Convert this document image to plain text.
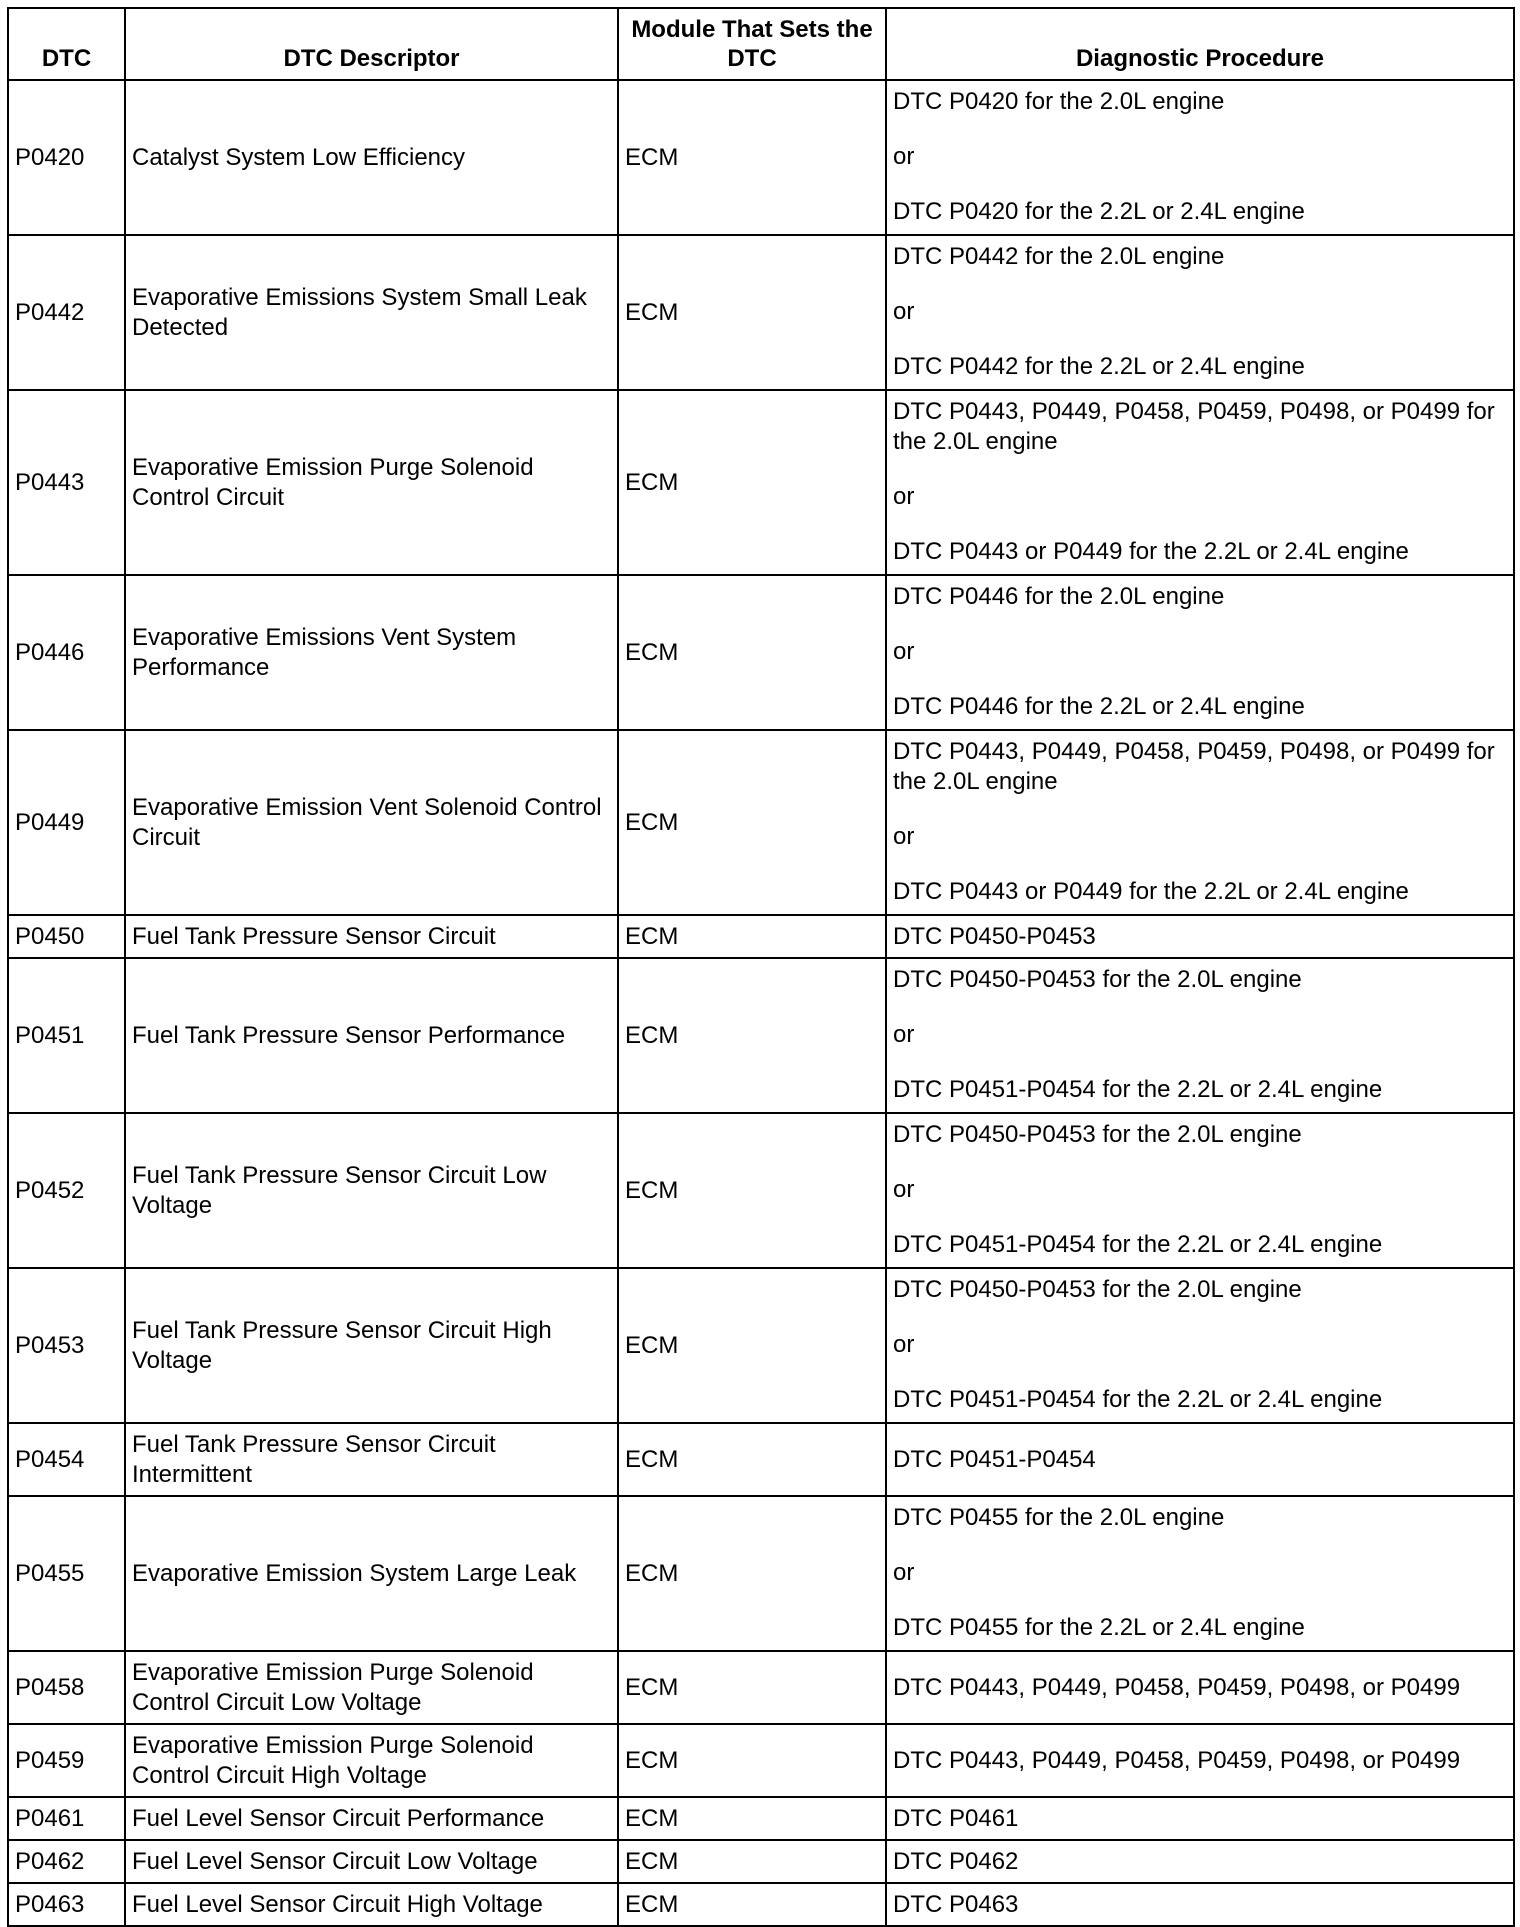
DTC	DTC Descriptor	Module That Sets the DTC	Diagnostic Procedure
P0420	Catalyst System Low Efficiency	ECM	DTC P0420 for the 2.0L engine
or
DTC P0420 for the 2.2L or 2.4L engine

P0442	Evaporative Emissions System Small Leak Detected	ECM	DTC P0442 for the 2.0L engine
or
DTC P0442 for the 2.2L or 2.4L engine

P0443	Evaporative Emission Purge Solenoid Control Circuit	ECM	DTC P0443, P0449, P0458, P0459, P0498, or P0499 for the 2.0L engine
or
DTC P0443 or P0449 for the 2.2L or 2.4L engine

P0446	Evaporative Emissions Vent System Performance	ECM	DTC P0446 for the 2.0L engine
or
DTC P0446 for the 2.2L or 2.4L engine

P0449	Evaporative Emission Vent Solenoid Control Circuit	ECM	DTC P0443, P0449, P0458, P0459, P0498, or P0499 for the 2.0L engine
or
DTC P0443 or P0449 for the 2.2L or 2.4L engine

P0450	Fuel Tank Pressure Sensor Circuit	ECM	DTC P0450-P0453

P0451	Fuel Tank Pressure Sensor Performance	ECM	DTC P0450-P0453 for the 2.0L engine
or
DTC P0451-P0454 for the 2.2L or 2.4L engine

P0452	Fuel Tank Pressure Sensor Circuit Low Voltage	ECM	DTC P0450-P0453 for the 2.0L engine
or
DTC P0451-P0454 for the 2.2L or 2.4L engine

P0453	Fuel Tank Pressure Sensor Circuit High Voltage	ECM	DTC P0450-P0453 for the 2.0L engine
or
DTC P0451-P0454 for the 2.2L or 2.4L engine

P0454	Fuel Tank Pressure Sensor Circuit Intermittent	ECM	DTC P0451-P0454

P0455	Evaporative Emission System Large Leak	ECM	DTC P0455 for the 2.0L engine
or
DTC P0455 for the 2.2L or 2.4L engine

P0458	Evaporative Emission Purge Solenoid Control Circuit Low Voltage	ECM	DTC P0443, P0449, P0458, P0459, P0498, or P0499

P0459	Evaporative Emission Purge Solenoid Control Circuit High Voltage	ECM	DTC P0443, P0449, P0458, P0459, P0498, or P0499

P0461	Fuel Level Sensor Circuit Performance	ECM	DTC P0461

P0462	Fuel Level Sensor Circuit Low Voltage	ECM	DTC P0462

P0463	Fuel Level Sensor Circuit High Voltage	ECM	DTC P0463
